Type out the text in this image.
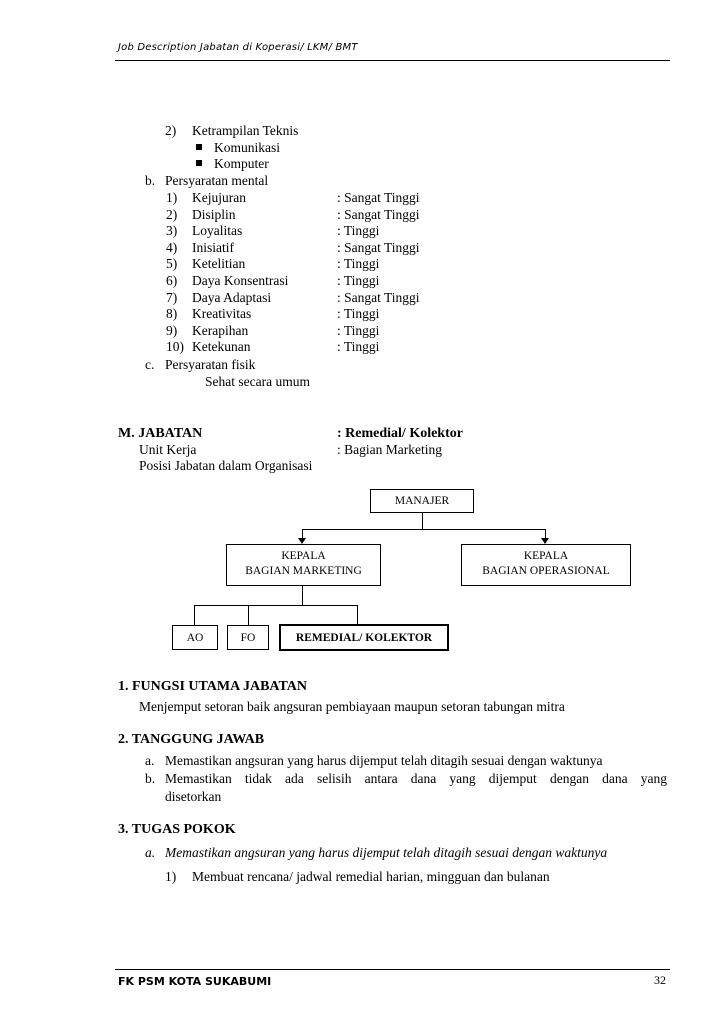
Job Description Jabatan di Koperasi/ LKM/ BMT
2) Ketrampilan Teknis
Komunikasi
Komputer
b. Persyaratan mental
1) Kejujuran	: Sangat Tinggi
2) Disiplin	: Sangat Tinggi
3) Loyalitas	: Tinggi
4) Inisiatif	: Sangat Tinggi
5) Ketelitian	: Tinggi
6) Daya Konsentrasi	: Tinggi
7) Daya Adaptasi	: Sangat Tinggi
8) Kreativitas	: Tinggi
9) Kerapihan	: Tinggi
10) Ketekunan	: Tinggi
c. Persyaratan fisik
Sehat secara umum
M. JABATAN	: Remedial/ Kolektor
Unit Kerja	: Bagian Marketing
Posisi Jabatan dalam Organisasi
MANAJER
KEPALA
BAGIAN MARKETING
KEPALA
BAGIAN OPERASIONAL
AO	FO	REMEDIAL/ KOLEKTOR
1. FUNGSI UTAMA JABATAN
Menjemput setoran baik angsuran pembiayaan maupun setoran tabungan mitra
2. TANGGUNG JAWAB
a. Memastikan angsuran yang harus dijemput telah ditagih sesuai dengan waktunya
b. Memastikan tidak ada selisih antara dana yang dijemput dengan dana yang
disetorkan
3. TUGAS POKOK
a. Memastikan angsuran yang harus dijemput telah ditagih sesuai dengan waktunya
1) Membuat rencana/ jadwal remedial harian, mingguan dan bulanan
FK PSM KOTA SUKABUMI	32
